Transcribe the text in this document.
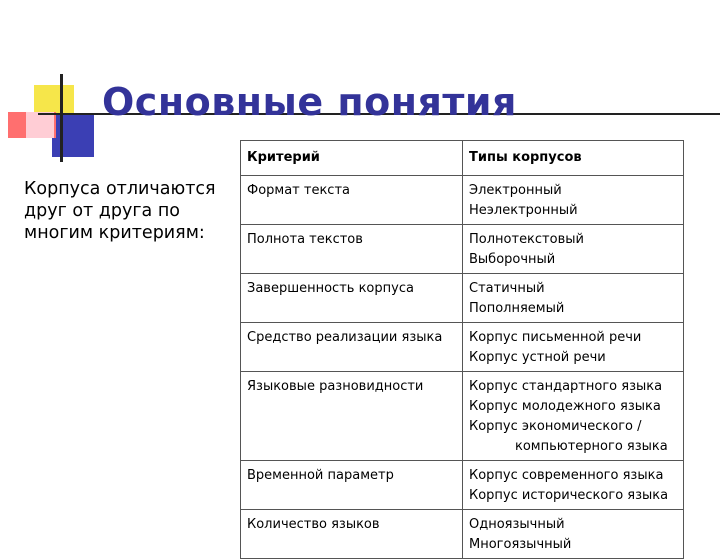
Основные понятия
Корпуса отличаются друг от друга по многим критериям:
Критерий	Типы корпусов
Формат текста	Электронный
Неэлектронный

Полнота текстов	Полнотекстовый
Выборочный

Завершенность корпуса	Статичный
Пополняемый

Средство реализации языка	Корпус письменной речи
Корпус устной речи

Языковые разновидности	Корпус стандартного языка
Корпус молодежного языка
Корпус экономического /
компьютерного языка

Временной параметр	Корпус современного языка
Корпус исторического языка

Количество языков	Одноязычный
Многоязычный
